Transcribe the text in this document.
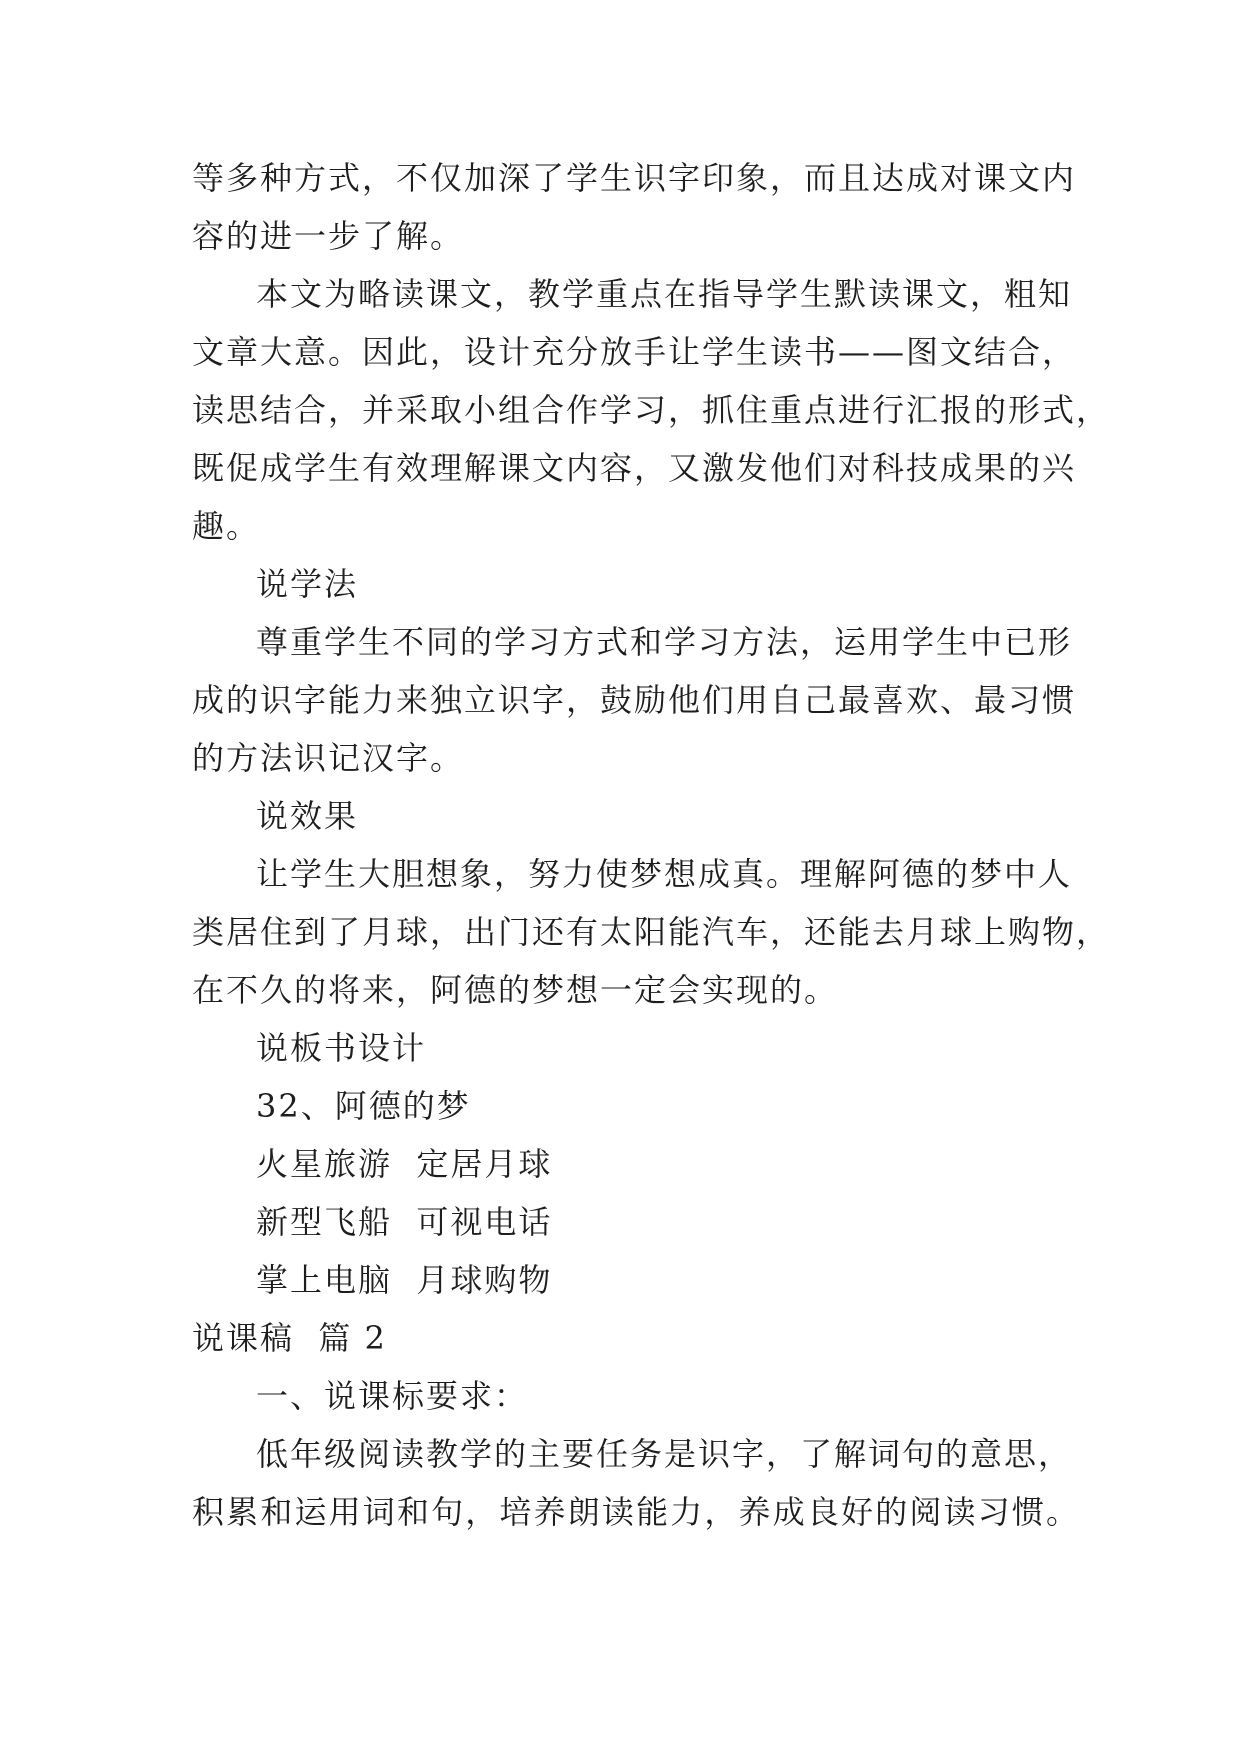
等多种方式，不仅加深了学生识字印象，而且达成对课文内
容的进一步了解。
本文为略读课文，教学重点在指导学生默读课文，粗知
文章大意。因此，设计充分放手让学生读书——图文结合，
读思结合，并采取小组合作学习，抓住重点进行汇报的形式，
既促成学生有效理解课文内容，又激发他们对科技成果的兴
趣。
说学法
尊重学生不同的学习方式和学习方法，运用学生中已形
成的识字能力来独立识字，鼓励他们用自己最喜欢、最习惯
的方法识记汉字。
说效果
让学生大胆想象，努力使梦想成真。理解阿德的梦中人
类居住到了月球，出门还有太阳能汽车，还能去月球上购物，
在不久的将来，阿德的梦想一定会实现的。
说板书设计
32、阿德的梦
火星旅游  定居月球
新型飞船  可视电话
掌上电脑  月球购物
说课稿  篇 2
一、说课标要求：
低年级阅读教学的主要任务是识字，了解词句的意思，
积累和运用词和句，培养朗读能力，养成良好的阅读习惯。
